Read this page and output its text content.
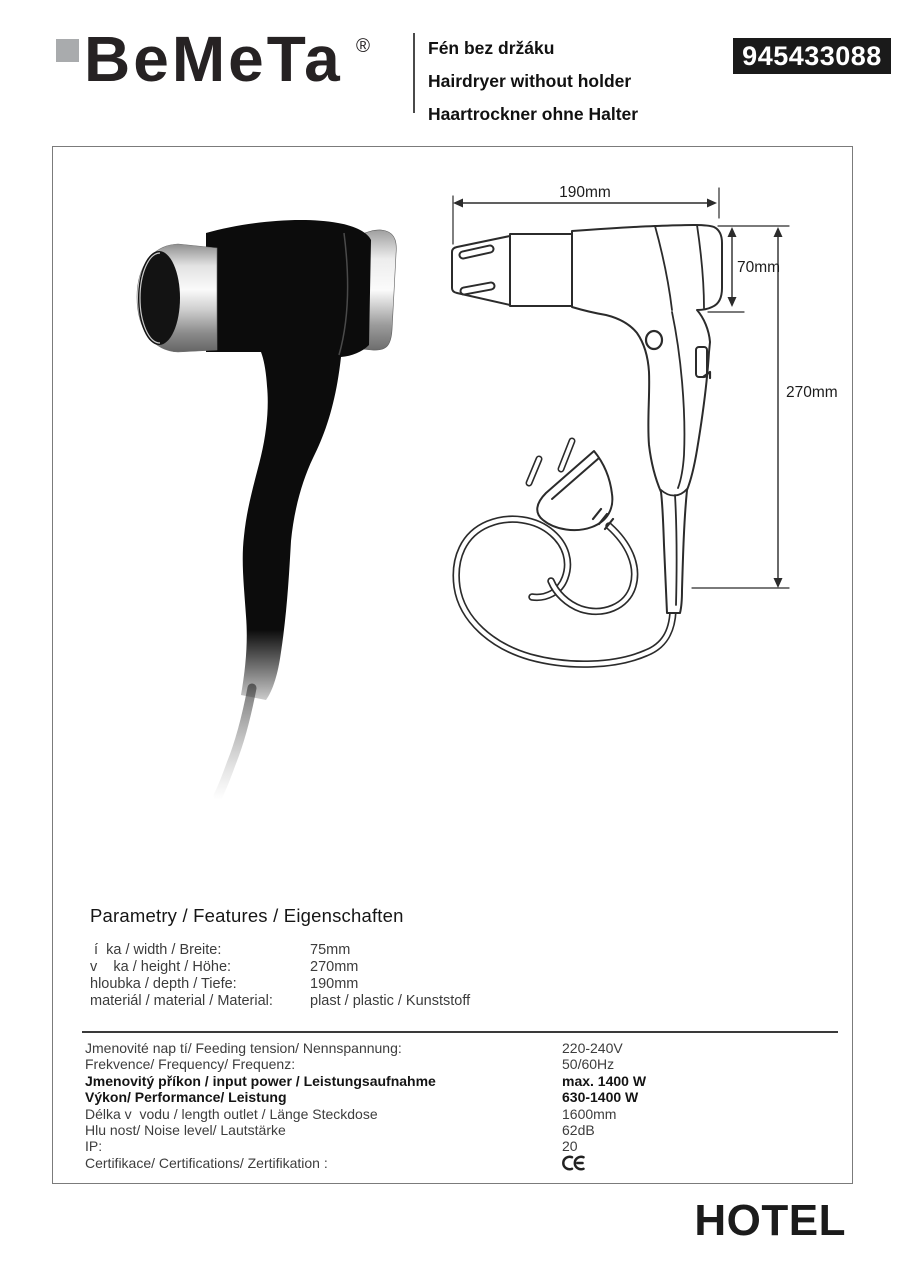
BeMeTa ®	Fén bez držáku
Hairdryer without holder
Haartrockner ohne Halter
945433088
190mm
70mm
270mm
Parametry / Features / Eigenschaften
í  ka / width / Breite:	75mm
v    ka / height / Höhe:	270mm
hloubka / depth / Tiefe:	190mm
materiál / material / Material:	plast / plastic / Kunststoff
Jmenovité nap tí/ Feeding tension/ Nennspannung:	220-240V
Frekvence/ Frequency/ Frequenz:	50/60Hz
Jmenovitý příkon / input power / Leistungsaufnahme	max. 1400 W
Výkon/ Performance/ Leistung	630-1400 W
Délka v  vodu / length outlet / Länge Steckdose	1600mm
Hlu nost/ Noise level/ Lautstärke	62dB
IP:	20
Certifikace/ Certifications/ Zertifikation :
HOTEL
